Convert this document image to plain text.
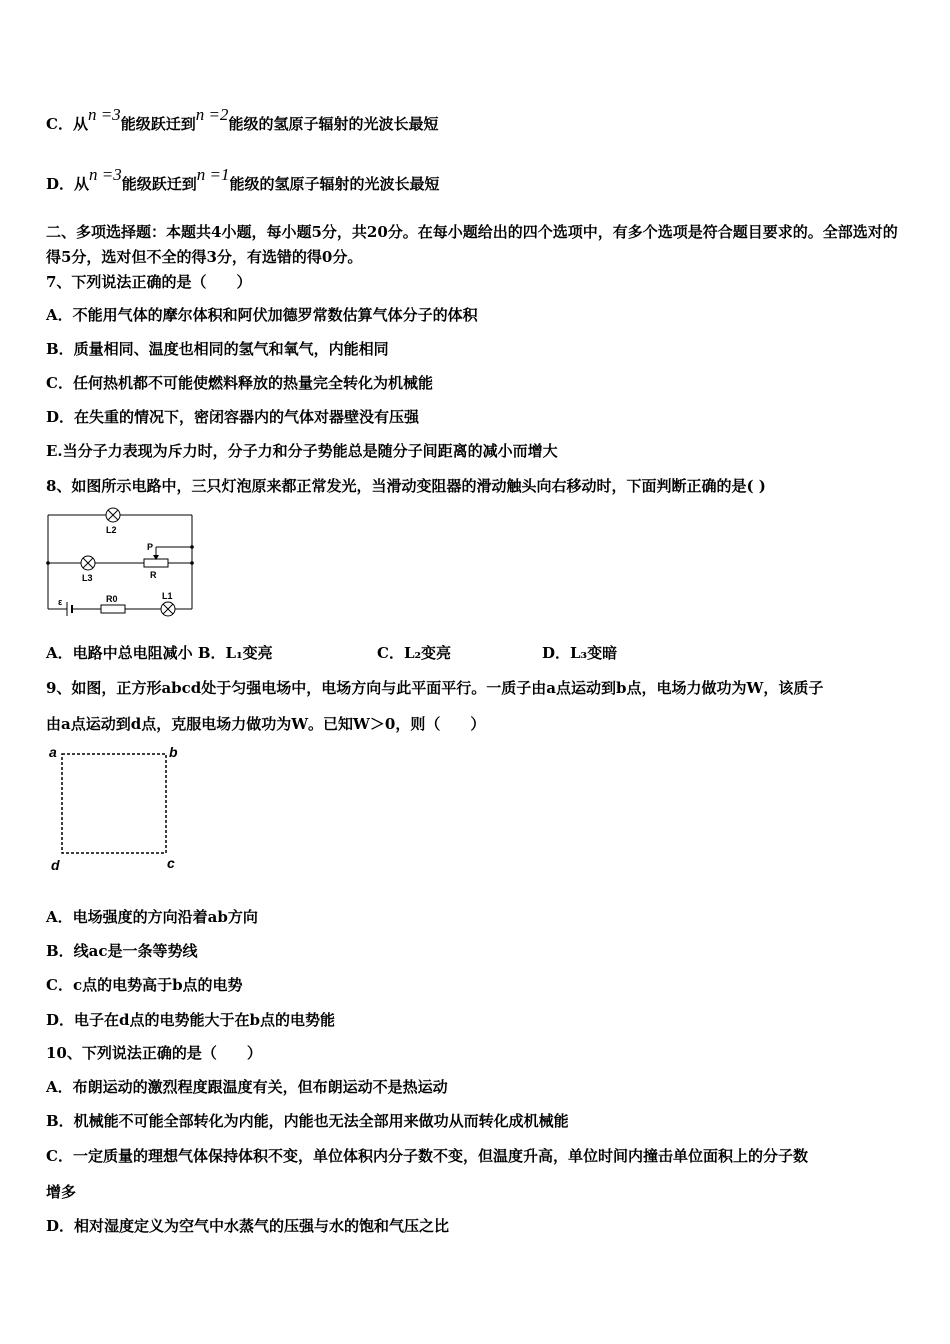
C．从n =3能级跃迁到n =2能级的氢原子辐射的光波长最短
D．从n =3能级跃迁到n =1能级的氢原子辐射的光波长最短
二、多项选择题：本题共4小题，每小题5分，共20分。在每小题给出的四个选项中，有多个选项是符合题目要求的。全部选对的得5分，选对但不全的得3分，有选错的得0分。
7、下列说法正确的是（　　）
A．不能用气体的摩尔体积和阿伏加德罗常数估算气体分子的体积
B．质量相同、温度也相同的氢气和氧气，内能相同
C．任何热机都不可能使燃料释放的热量完全转化为机械能
D．在失重的情况下，密闭容器内的气体对器壁没有压强
E.当分子力表现为斥力时，分子力和分子势能总是随分子间距离的减小而增大
8、如图所示电路中，三只灯泡原来都正常发光，当滑动变阻器的滑动触头向右移动时，下面判断正确的是( )
L2
L3
P
R
ε	R0	L1
A．电路中总电阻减小 B．L₁变亮	C．L₂变亮	D．L₃变暗
9、如图，正方形abcd处于匀强电场中，电场方向与此平面平行。一质子由a点运动到b点，电场力做功为W，该质子
由a点运动到d点，克服电场力做功为W。已知W＞0，则（　　）
a	b
c
d
A．电场强度的方向沿着ab方向
B．线ac是一条等势线
C．c点的电势高于b点的电势
D．电子在d点的电势能大于在b点的电势能
10、下列说法正确的是（　　）
A．布朗运动的激烈程度跟温度有关，但布朗运动不是热运动
B．机械能不可能全部转化为内能，内能也无法全部用来做功从而转化成机械能
C．一定质量的理想气体保持体积不变，单位体积内分子数不变，但温度升高，单位时间内撞击单位面积上的分子数
增多
D．相对湿度定义为空气中水蒸气的压强与水的饱和气压之比
